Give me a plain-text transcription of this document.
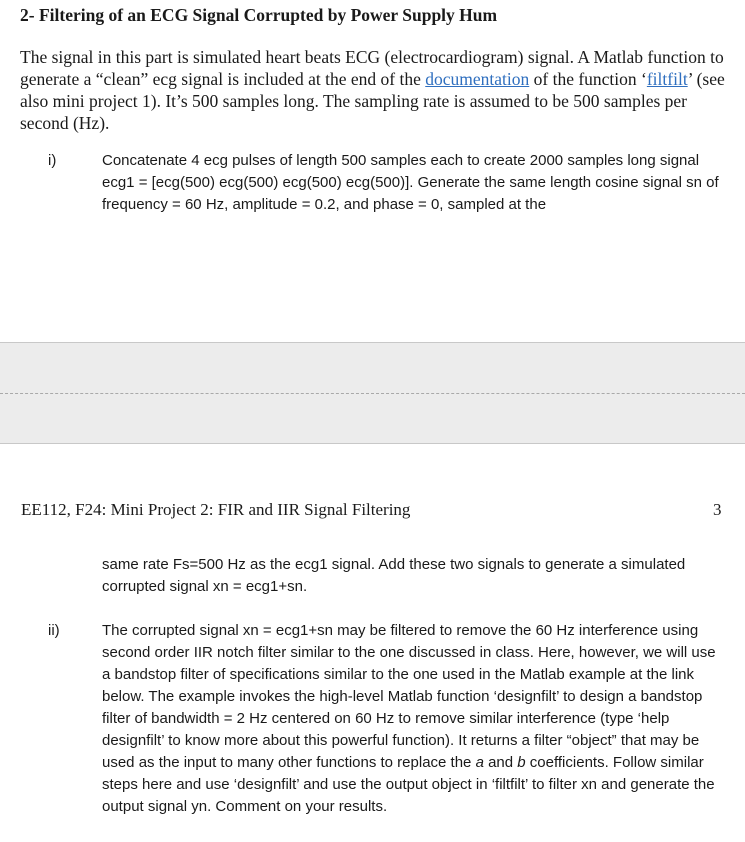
2- Filtering of an ECG Signal Corrupted by Power Supply Hum
The signal in this part is simulated heart beats ECG (electrocardiogram) signal. A Matlab function to generate a “clean” ecg signal is included at the end of the documentation of the function ‘filtfilt’ (see also mini project 1). It’s 500 samples long. The sampling rate is assumed to be 500 samples per second (Hz).
i)	Concatenate 4 ecg pulses of length 500 samples each to create 2000 samples long signal ecg1 = [ecg(500) ecg(500) ecg(500) ecg(500)]. Generate the same length cosine signal sn of frequency = 60 Hz, amplitude = 0.2, and phase = 0, sampled at the
EE112, F24: Mini Project 2: FIR and IIR Signal Filtering	3
same rate Fs=500 Hz as the ecg1 signal. Add these two signals to generate a simulated corrupted signal xn = ecg1+sn.
ii)	The corrupted signal xn = ecg1+sn may be filtered to remove the 60 Hz interference using second order IIR notch filter similar to the one discussed in class. Here, however, we will use a bandstop filter of specifications similar to the one used in the Matlab example at the link below. The example invokes the high-level Matlab function ‘designfilt’ to design a bandstop filter of bandwidth = 2 Hz centered on 60 Hz to remove similar interference (type ‘help designfilt’ to know more about this powerful function). It returns a filter “object” that may be used as the input to many other functions to replace the a and b coefficients. Follow similar steps here and use ‘designfilt’ and use the output object in ‘filtfilt’ to filter xn and generate the output signal yn. Comment on your results.
